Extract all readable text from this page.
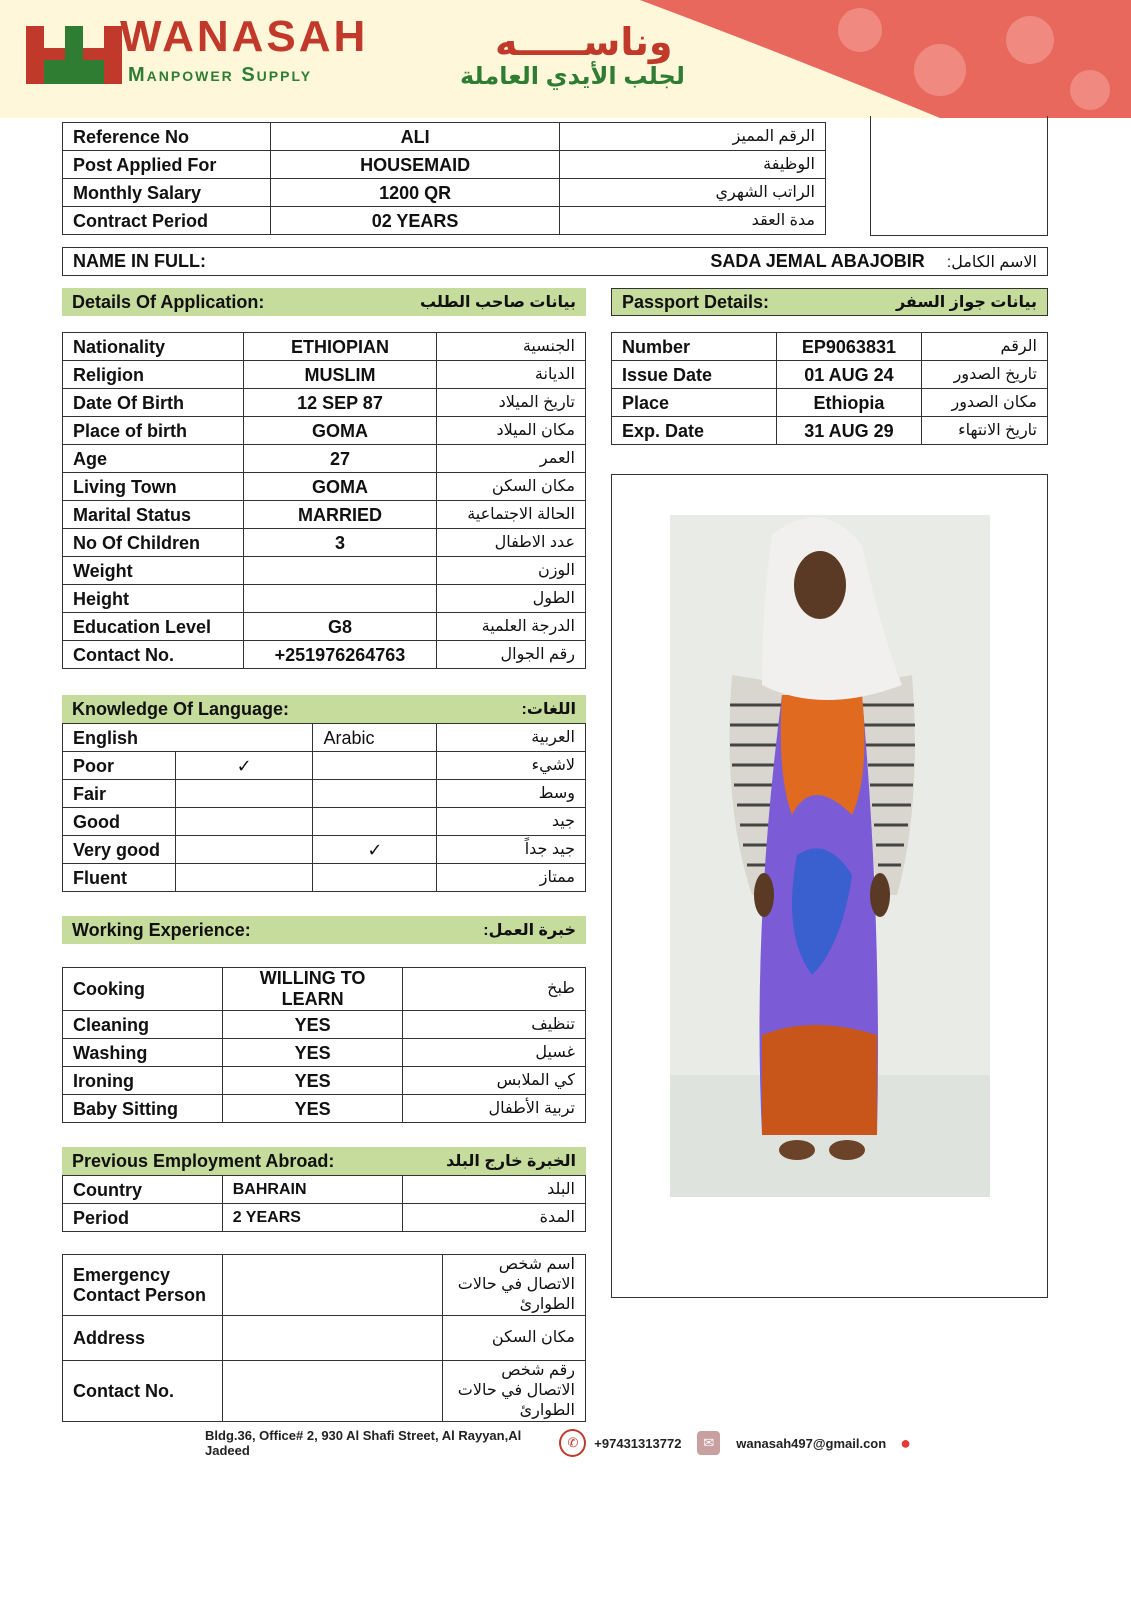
WANASAH
Manpower Supply
وناســـــه
لجلب الأيدي العاملة
Reference No	ALI	الرقم المميز
Post Applied For	HOUSEMAID	الوظيفة
Monthly Salary	1200 QR	الراتب الشهري
Contract Period	02 YEARS	مدة العقد
NAME IN FULL:	SADA JEMAL ABAJOBIR الاسم الكامل:
Details Of Application:	بيانات صاحب الطلب
Nationality	ETHIOPIAN	الجنسية
Religion	MUSLIM	الديانة
Date Of Birth	12 SEP 87	تاريخ الميلاد
Place of birth	GOMA	مكان الميلاد
Age	27	العمر
Living Town	GOMA	مكان السكن
Marital Status	MARRIED	الحالة الاجتماعية
No Of Children	3	عدد الاطفال
Weight		الوزن
Height		الطول
Education Level	G8	الدرجة العلمية
Contact No.	+251976264763	رقم الجوال
Passport Details:	بيانات جواز السفر
Number	EP9063831	الرقم
Issue Date	01 AUG 24	تاريخ الصدور
Place	Ethiopia	مكان الصدور
Exp. Date	31 AUG 29	تاريخ الانتهاء
Knowledge Of Language:	اللغات:
English		Arabic	العربية
Poor	✓		لاشيء
Fair			وسط
Good			جيد
Very good		✓	جيد جداً
Fluent			ممتاز
Working Experience:	خبرة العمل:
Cooking	WILLING TO LEARN	طبخ
Cleaning	YES	تنظيف
Washing	YES	غسيل
Ironing	YES	كي الملابس
Baby Sitting	YES	تربية الأطفال
Previous Employment Abroad:	الخبرة خارج البلد
Country	BAHRAIN	البلد
Period	2 YEARS	المدة
Emergency Contact Person		اسم شخص الاتصال في حالات الطوارئ
Address		مكان السكن
Contact No.		رقم شخص الاتصال في حالات الطوارئ
Bldg.36, Office# 2, 930 Al Shafi Street, Al Rayyan,Al Jadeed
✆	+97431313772	✉	wanasah497@gmail.con ●
